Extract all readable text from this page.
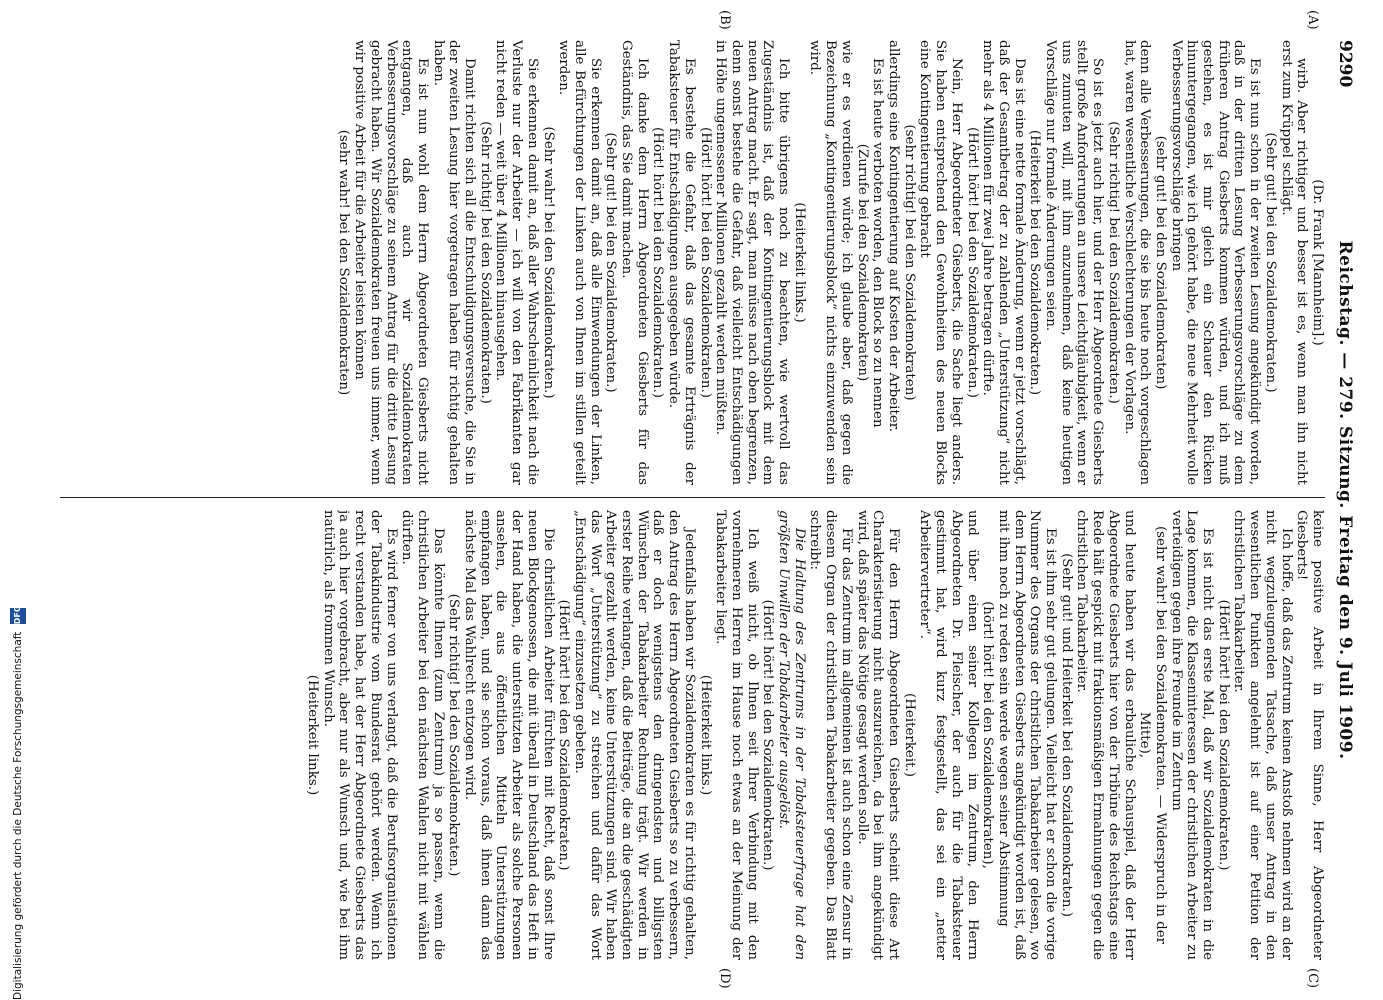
9290
Reichstag. — 279. Sitzung. Freitag den 9. Juli 1909.
(A)
(B)
(C)
(D)

(Dr. Frank [Mannheim].)

wirb. Aber richtiger und besser ist es, wenn man ihn nicht erst zum Krüppel schlägt.

(Sehr gut! bei den Sozialdemokraten.)

Es ist nun schon in der zweiten Lesung angekündigt worden, daß in der dritten Lesung Verbesserungsvorschläge zu dem früheren Antrag Giesberts kommen würden, und ich muß gestehen, es ist mir gleich ein Schauer den Rücken hinuntergegangen, wie ich gehört habe, die neue Mehrheit wolle Verbesserungsvorschläge bringen

(sehr gut! bei den Sozialdemokraten)

denn alle Verbesserungen, die sie bis heute noch vorgeschlagen hat, waren wesentliche Verschlechterungen der Vorlagen.

(Sehr richtig! bei den Sozialdemokraten.)

So ist es jetzt auch hier, und der Herr Abgeordnete Giesberts stellt große Anforderungen an unsere Leichtgläubigkeit, wenn er uns zumuten will, mit ihm anzunehmen, daß keine heutigen Vorschläge nur formale Änderungen seien.

(Heiterkeit bei den Sozialdemokraten.)

Das ist eine nette formale Änderung, wenn er jetzt vorschlägt, daß der Gesamtbetrag der zu zahlenden „Unterstützung“ nicht mehr als 4 Millionen für zwei Jahre betragen dürfte.

(Hört! hört! bei den Sozialdemokraten.)

Nein, Herr Abgeordneter Giesberts, die Sache liegt anders. Sie haben entsprechend den Gewohnheiten des neuen Blocks eine Kontingentierung gebracht

(sehr richtig! bei den Sozialdemokraten)

allerdings eine Kontingentierung auf Kosten der Arbeiter.

Es ist heute verboten worden, den Block so zu nennen

(Zurufe bei den Sozialdemokraten)

wie er es verdienen würde; ich glaube aber, daß gegen die Bezeichnung „Kontingentierungsblock“ nichts einzuwenden sein wird.

(Heiterkeit links.)

Ich bitte übrigens noch zu beachten, wie wertvoll das Zugeständnis ist, daß der Kontingentierungsblock mit dem neuen Antrag macht. Er sagt, man müsse nach oben begrenzen, denn sonst bestehe die Gefahr, daß vielleicht Entschädigungen in Höhe ungemessener Millionen gezahlt werden müßten.

(Hört! hört! bei den Sozialdemokraten.)

Es bestehe die Gefahr, daß das gesamte Erträgnis der Tabaksteuer für Entschädigungen ausgegeben würde.

(Hört! hört! bei den Sozialdemokraten.)

Ich danke dem Herrn Abgeordneten Giesberts für das Geständnis, das Sie damit machen.

(Sehr gut! bei den Sozialdemokraten.)

Sie erkennen damit an, daß alle Einwendungen der Linken, alle Befürchtungen der Linken auch von Ihnen im stillen geteilt werden.

(Sehr wahr! bei den Sozialdemokraten.)

Sie erkennen damit an, daß aller Wahrscheinlichkeit nach die Verluste nur der Arbeiter — ich will von den Fabrikanten gar nicht reden — weit über 4 Millionen hinausgehen.

(Sehr richtig! bei den Sozialdemokraten.)

Damit richten sich all die Entschuldigungsversuche, die Sie in der zweiten Lesung hier vorgetragen haben für richtig gehalten haben.

Es ist nun wohl dem Herrn Abgeordneten Giesberts nicht entgangen, daß auch wir Sozialdemokraten Verbesserungsvorschläge zu seinem Antrag für die dritte Lesung gebracht haben. Wir Sozialdemokraten freuen uns immer, wenn wir positive Arbeit für die Arbeiter leisten können

(sehr wahr! bei den Sozialdemokraten)

keine positive Arbeit in Ihrem Sinne, Herr Abgeordneter Giesberts!

Ich hoffe, daß das Zentrum keinen Anstoß nehmen wird an der nicht wegzuleugnenden Tatsache, daß unser Antrag in den wesentlichen Punkten angelehnt ist auf einer Petition der christlichen Tabakarbeiter.

(Hört! hört! bei den Sozialdemokraten.)

Es ist nicht das erste Mal, daß wir Sozialdemokraten in die Lage kommen, die Klasseninteressen der christlichen Arbeiter zu verteidigen gegen ihre Freunde im Zentrum

(sehr wahr! bei den Sozialdemokraten. — Widerspruch in der Mitte),

und heute haben wir das erbauliche Schauspiel, daß der Herr Abgeordnete Giesberts hier von der Tribüne des Reichstags eine Rede hält gespickt mit fraktionsmäßigen Ermahnungen gegen die christlichen Tabakarbeiter.

(Sehr gut! und Heiterkeit bei den Sozialdemokraten.)

Es ist ihm sehr gut gelungen. Vielleicht hat er schon die vorige Nummer des Organs der christlichen Tabakarbeiter gelesen, wo dem Herrn Abgeordneten Giesberts angekündigt worden ist, daß mit ihm noch zu reden sein werde wegen seiner Abstimmung

(hört! hört! bei den Sozialdemokraten),

und über einen seiner Kollegen im Zentrum, den Herrn Abgeordneten Dr. Fleischer, der auch für die Tabaksteuer gestimmt hat, wird kurz festgestellt, das sei ein „netter Arbeitervertreter“.

(Heiterkeit.)

Für den Herrn Abgeordneten Giesberts scheint diese Art Charakteristierung nicht auszureichen, da bei ihm angekündigt wird, daß später das Nötige gesagt werden solle.

Für das Zentrum im allgemeinen ist auch schon eine Zensur in diesem Organ der christlichen Tabakarbeiter gegeben. Das Blatt schreibt:

Die Haltung des Zentrums in der Tabaksteuerfrage hat den größten Unwillen der Tabakarbeiter ausgelöst.

(Hört! hört! bei den Sozialdemokraten.)

Ich weiß nicht, ob Ihnen seit Ihrer Verbindung mit den vornehmeren Herren im Hause noch etwas an der Meinung der Tabakarbeiter liegt.

(Heiterkeit links.)

Jedenfalls haben wir Sozialdemokraten es für richtig gehalten, den Antrag des Herrn Abgeordneten Giesberts so zu verbessern, daß er doch wenigstens den dringendsten und billigsten Wünschen der Tabakarbeiter Rechnung trägt. Wir werden in erster Reihe verlangen, daß die Beiträge, die an die geschädigten Arbeiter gezahlt werden, keine Unterstützungen sind. Wir haben das Wort „Unterstützung“ zu streichen und dafür das Wort „Entschädigung“ einzusetzen gebeten.

(Hört! hört! bei den Sozialdemokraten.)

Die christlichen Arbeiter fürchten mit Recht, daß sonst Ihre neuen Blockgenossen, die mit überall in Deutschland das Heft in der Hand haben, die unterstützten Arbeiter als solche Personen ansehen, die aus öffentlichen Mitteln Unterstützungen empfangen haben, und sie schon voraus, daß ihnen dann das nächste Mal das Wahlrecht entzogen wird.

(Sehr richtig! bei den Sozialdemokraten.)

Das könnte Ihnen (zum Zentrum) ja so passen, wenn die christlichen Arbeiter bei den nächsten Wahlen nicht mit wählen dürften.

Es wird ferner von uns verlangt, daß die Berufsorganisationen der Tabakindustrie vom Bundesrat gehört werden. Wenn ich recht verstanden habe, hat der Herr Abgeordnete Giesberts das ja auch hier vorgebracht, aber nur als Wunsch und, wie bei ihm natürlich, als frommen Wunsch.

(Heiterkeit links.)

Digitalisierung gefördert durch die Deutsche Forschungsgemeinschaft DFG
